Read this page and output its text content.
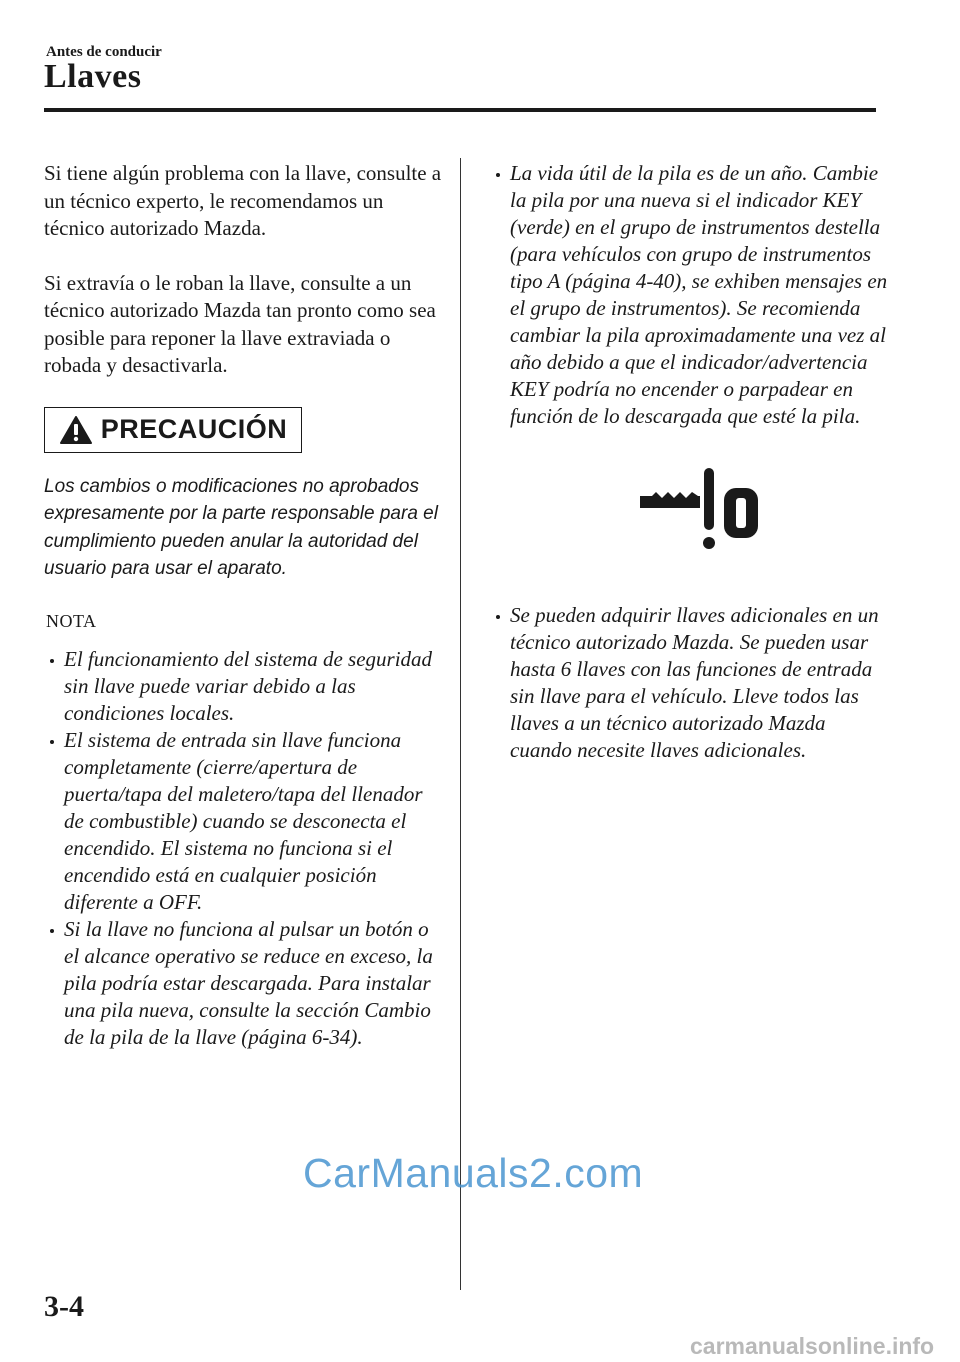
Antes de conducir
Llaves

Si tiene algún problema con la llave, consulte a un técnico experto, le recomendamos un técnico autorizado Mazda.

Si extravía o le roban la llave, consulte a un técnico autorizado Mazda tan pronto como sea posible para reponer la llave extraviada o robada y desactivarla.

PRECAUCIÓN

Los cambios o modificaciones no aprobados expresamente por la parte responsable para el cumplimiento pueden anular la autoridad del usuario para usar el aparato.

NOTA
El funcionamiento del sistema de seguridad sin llave puede variar debido a las condiciones locales.
El sistema de entrada sin llave funciona completamente (cierre/apertura de puerta/tapa del maletero/tapa del llenador de combustible) cuando se desconecta el encendido. El sistema no funciona si el encendido está en cualquier posición diferente a OFF.
Si la llave no funciona al pulsar un botón o el alcance operativo se reduce en exceso, la pila podría estar descargada. Para instalar una pila nueva, consulte la sección Cambio de la pila de la llave (página 6-34).
La vida útil de la pila es de un año. Cambie la pila por una nueva si el indicador KEY (verde) en el grupo de instrumentos destella (para vehículos con grupo de instrumentos tipo A (página 4-40), se exhiben mensajes en el grupo de instrumentos). Se recomienda cambiar la pila aproximadamente una vez al año debido a que el indicador/advertencia KEY podría no encender o parpadear en función de lo descargada que esté la pila.
Se pueden adquirir llaves adicionales en un técnico autorizado Mazda. Se pueden usar hasta 6 llaves con las funciones de entrada sin llave para el vehículo. Lleve todos las llaves a un técnico autorizado Mazda cuando necesite llaves adicionales.
CarManuals2.com
3-4
carmanualsonline.info
